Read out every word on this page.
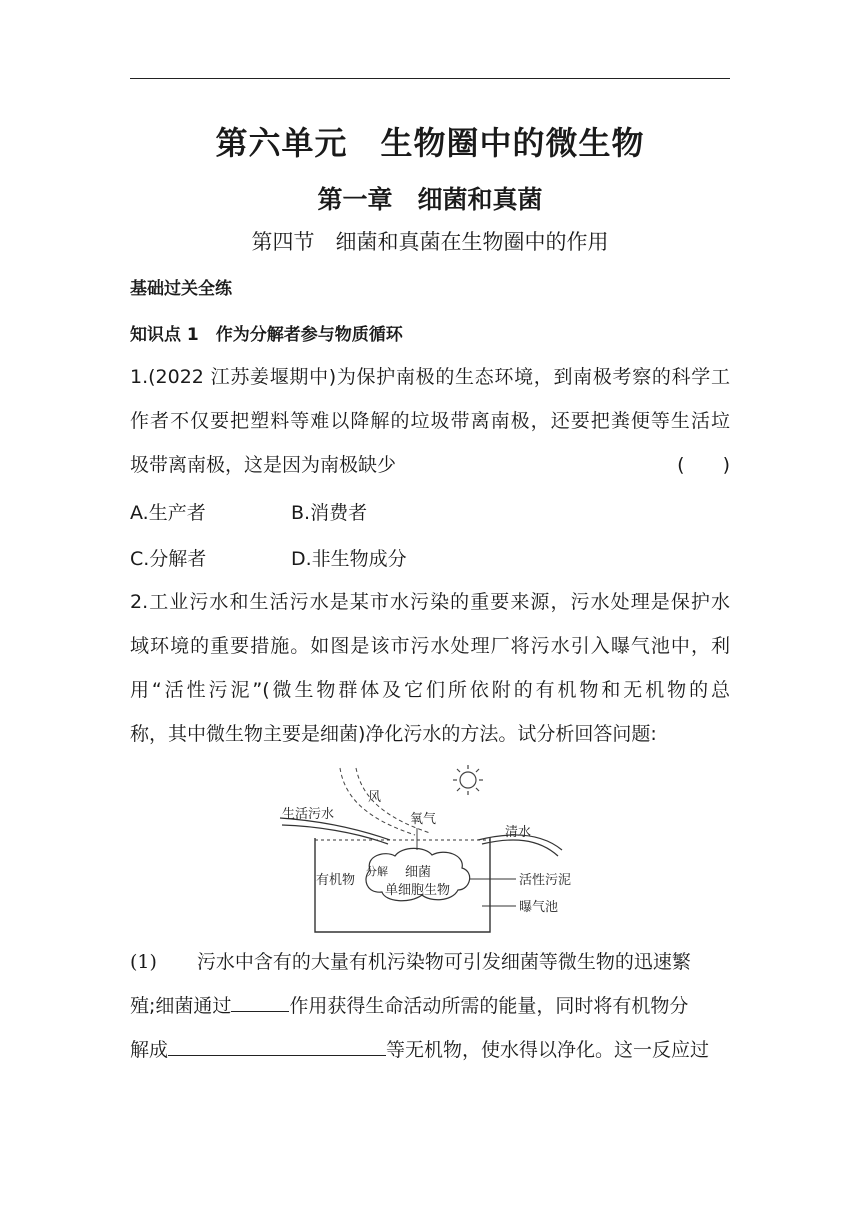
第六单元　生物圈中的微生物
第一章　细菌和真菌
第四节　细菌和真菌在生物圈中的作用
基础过关全练
知识点 1　作为分解者参与物质循环
1.(2022 江苏姜堰期中)为保护南极的生态环境，到南极考察的科学工
作者不仅要把塑料等难以降解的垃圾带离南极，还要把粪便等生活垃
圾带离南极，这是因为南极缺少	(　　)
A.生产者	B.消费者
C.分解者	D.非生物成分
2.工业污水和生活污水是某市水污染的重要来源，污水处理是保护水
域环境的重要措施。如图是该市污水处理厂将污水引入曝气池中，利
用“活性污泥”(微生物群体及它们所依附的有机物和无机物的总
称，其中微生物主要是细菌)净化污水的方法。试分析回答问题:
风
生活污水	氧气
清水
有机物
分解 细菌
单细胞生物
活性污泥
曝气池
(1) 污水中含有的大量有机污染物可引发细菌等微生物的迅速繁
殖;细菌通过	作用获得生命活动所需的能量，同时将有机物分
解成	等无机物，使水得以净化。这一反应过
